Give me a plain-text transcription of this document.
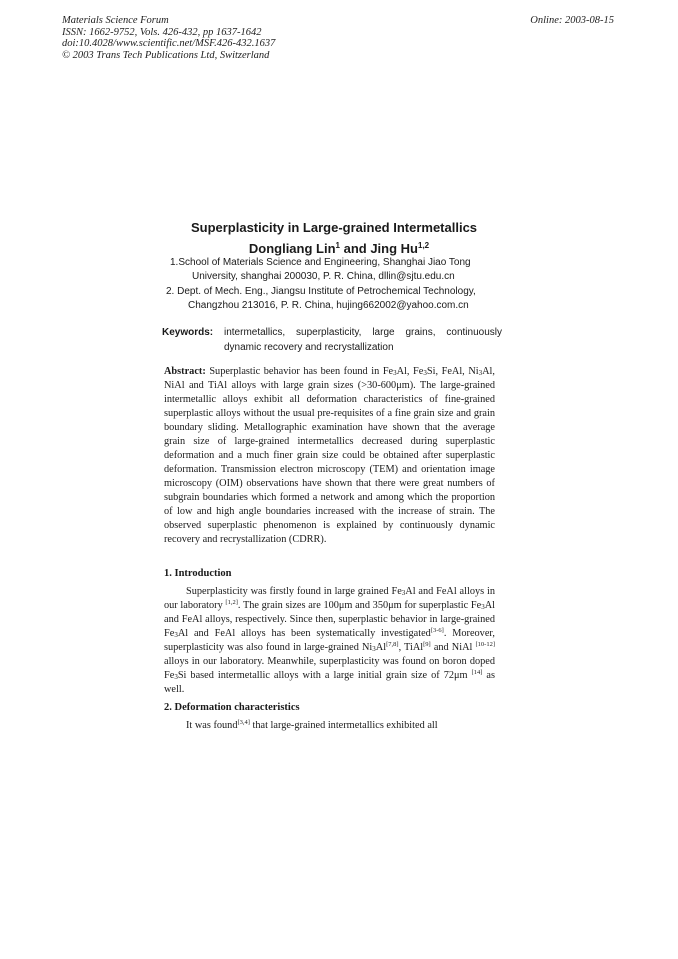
Materials Science Forum
ISSN: 1662-9752, Vols. 426-432, pp 1637-1642
doi:10.4028/www.scientific.net/MSF.426-432.1637
© 2003 Trans Tech Publications Ltd, Switzerland
Online: 2003-08-15
Superplasticity in Large-grained Intermetallics
Dongliang Lin$^1$ and Jing Hu$^{1,2}$
1.School of Materials Science and Engineering, Shanghai Jiao Tong
University, shanghai 200030, P. R. China, dllin@sjtu.edu.cn
2. Dept. of Mech. Eng., Jiangsu Institute of Petrochemical Technology,
Changzhou 213016, P. R. China, hujing662002@yahoo.com.cn
Keywords:	intermetallics, superplasticity, large grains, continuously dynamic recovery and recrystallization
Abstract: Superplastic behavior has been found in $Fe_3Al$, $Fe_3Si$, FeAl, $Ni_3Al$, NiAl and TiAl alloys with large grain sizes (>30-600μm). The large-grained intermetallic alloys exhibit all deformation characteristics of fine-grained superplastic alloys without the usual pre-requisites of a fine grain size and grain boundary sliding. Metallographic examination have shown that the average grain size of large-grained intermetallics decreased during superplastic deformation and a much finer grain size could be obtained after superplastic deformation. Transmission electron microscopy (TEM) and orientation image microscopy (OIM) observations have shown that there were great numbers of subgrain boundaries which formed a network and among which the proportion of low and high angle boundaries increased with the increase of strain. The observed superplastic phenomenon is explained by continuously dynamic recovery and recrystallization (CDRR).
1. Introduction

Superplasticity was firstly found in large grained $Fe_3Al$ and FeAl alloys in our laboratory [1,2]. The grain sizes are 100μm and 350μm for superplastic $Fe_3Al$ and FeAl alloys, respectively. Since then, superplastic behavior in large-grained $Fe_3Al$ and FeAl alloys has been systematically investigated[3-6]. Moreover, superplasticity was also found in large-grained $Ni_3Al[7,8]$, TiAl[9] and NiAl [10-12] alloys in our laboratory. Meanwhile, superplasticity was found on boron doped $Fe_3Si$ based intermetallic alloys with a large initial grain size of 72μm [14] as well.

2. Deformation characteristics

It was found[3,4] that large-grained intermetallics exhibited all
